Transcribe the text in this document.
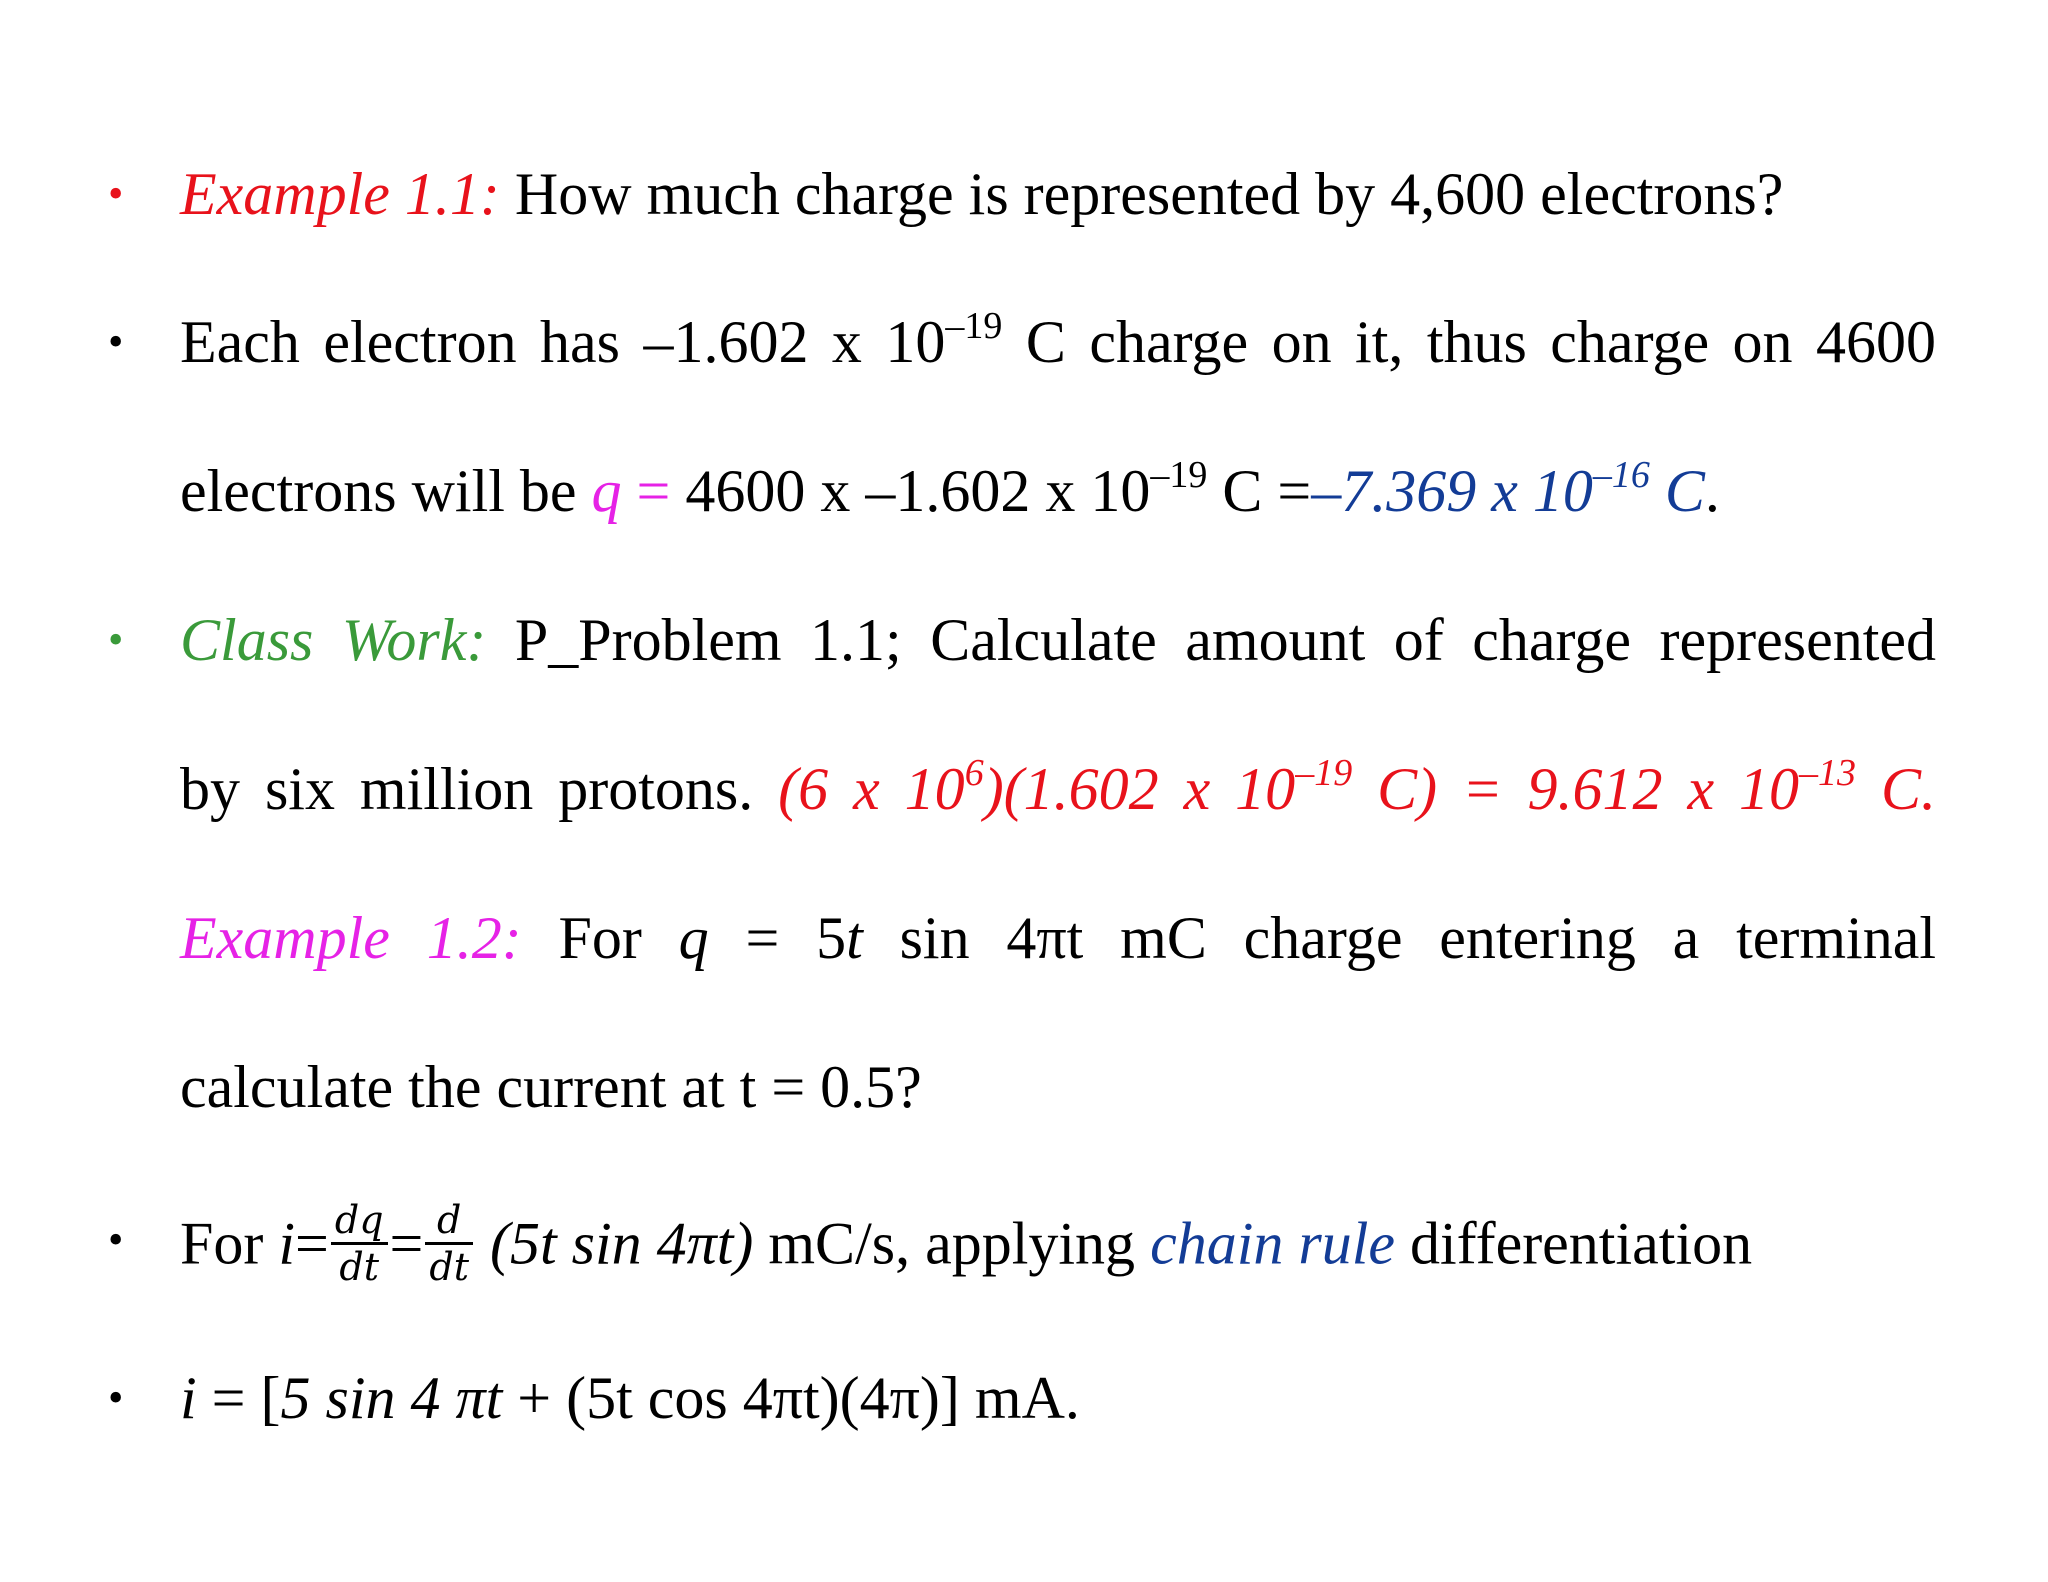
• Example 1.1: How much charge is represented by 4,600 electrons?
• Each electron has –1.602 x $10^{-19}$ C charge on it, thus charge on 4600
electrons will be q = 4600 x –1.602 x $10^{-19}$ C =–7.369 x $10^{-16}$ C.
• Class Work: P_Problem 1.1; Calculate amount of charge represented
by six million protons. (6 x $10^6)(1.602$ x $10^{-19}$ C) = 9.612 x $10^{-13}$ C.
Example 1.2: For q = 5t sin 4πt mC charge entering a terminal
calculate the current at t = 0.5?
• For $i= \frac{dq}{dt} = \frac{d}{dt} (5t$ sin 4πt) mC/s, applying chain rule differentiation
• i = [5 sin 4 πt + (5t cos 4πt)(4π)] mA.
